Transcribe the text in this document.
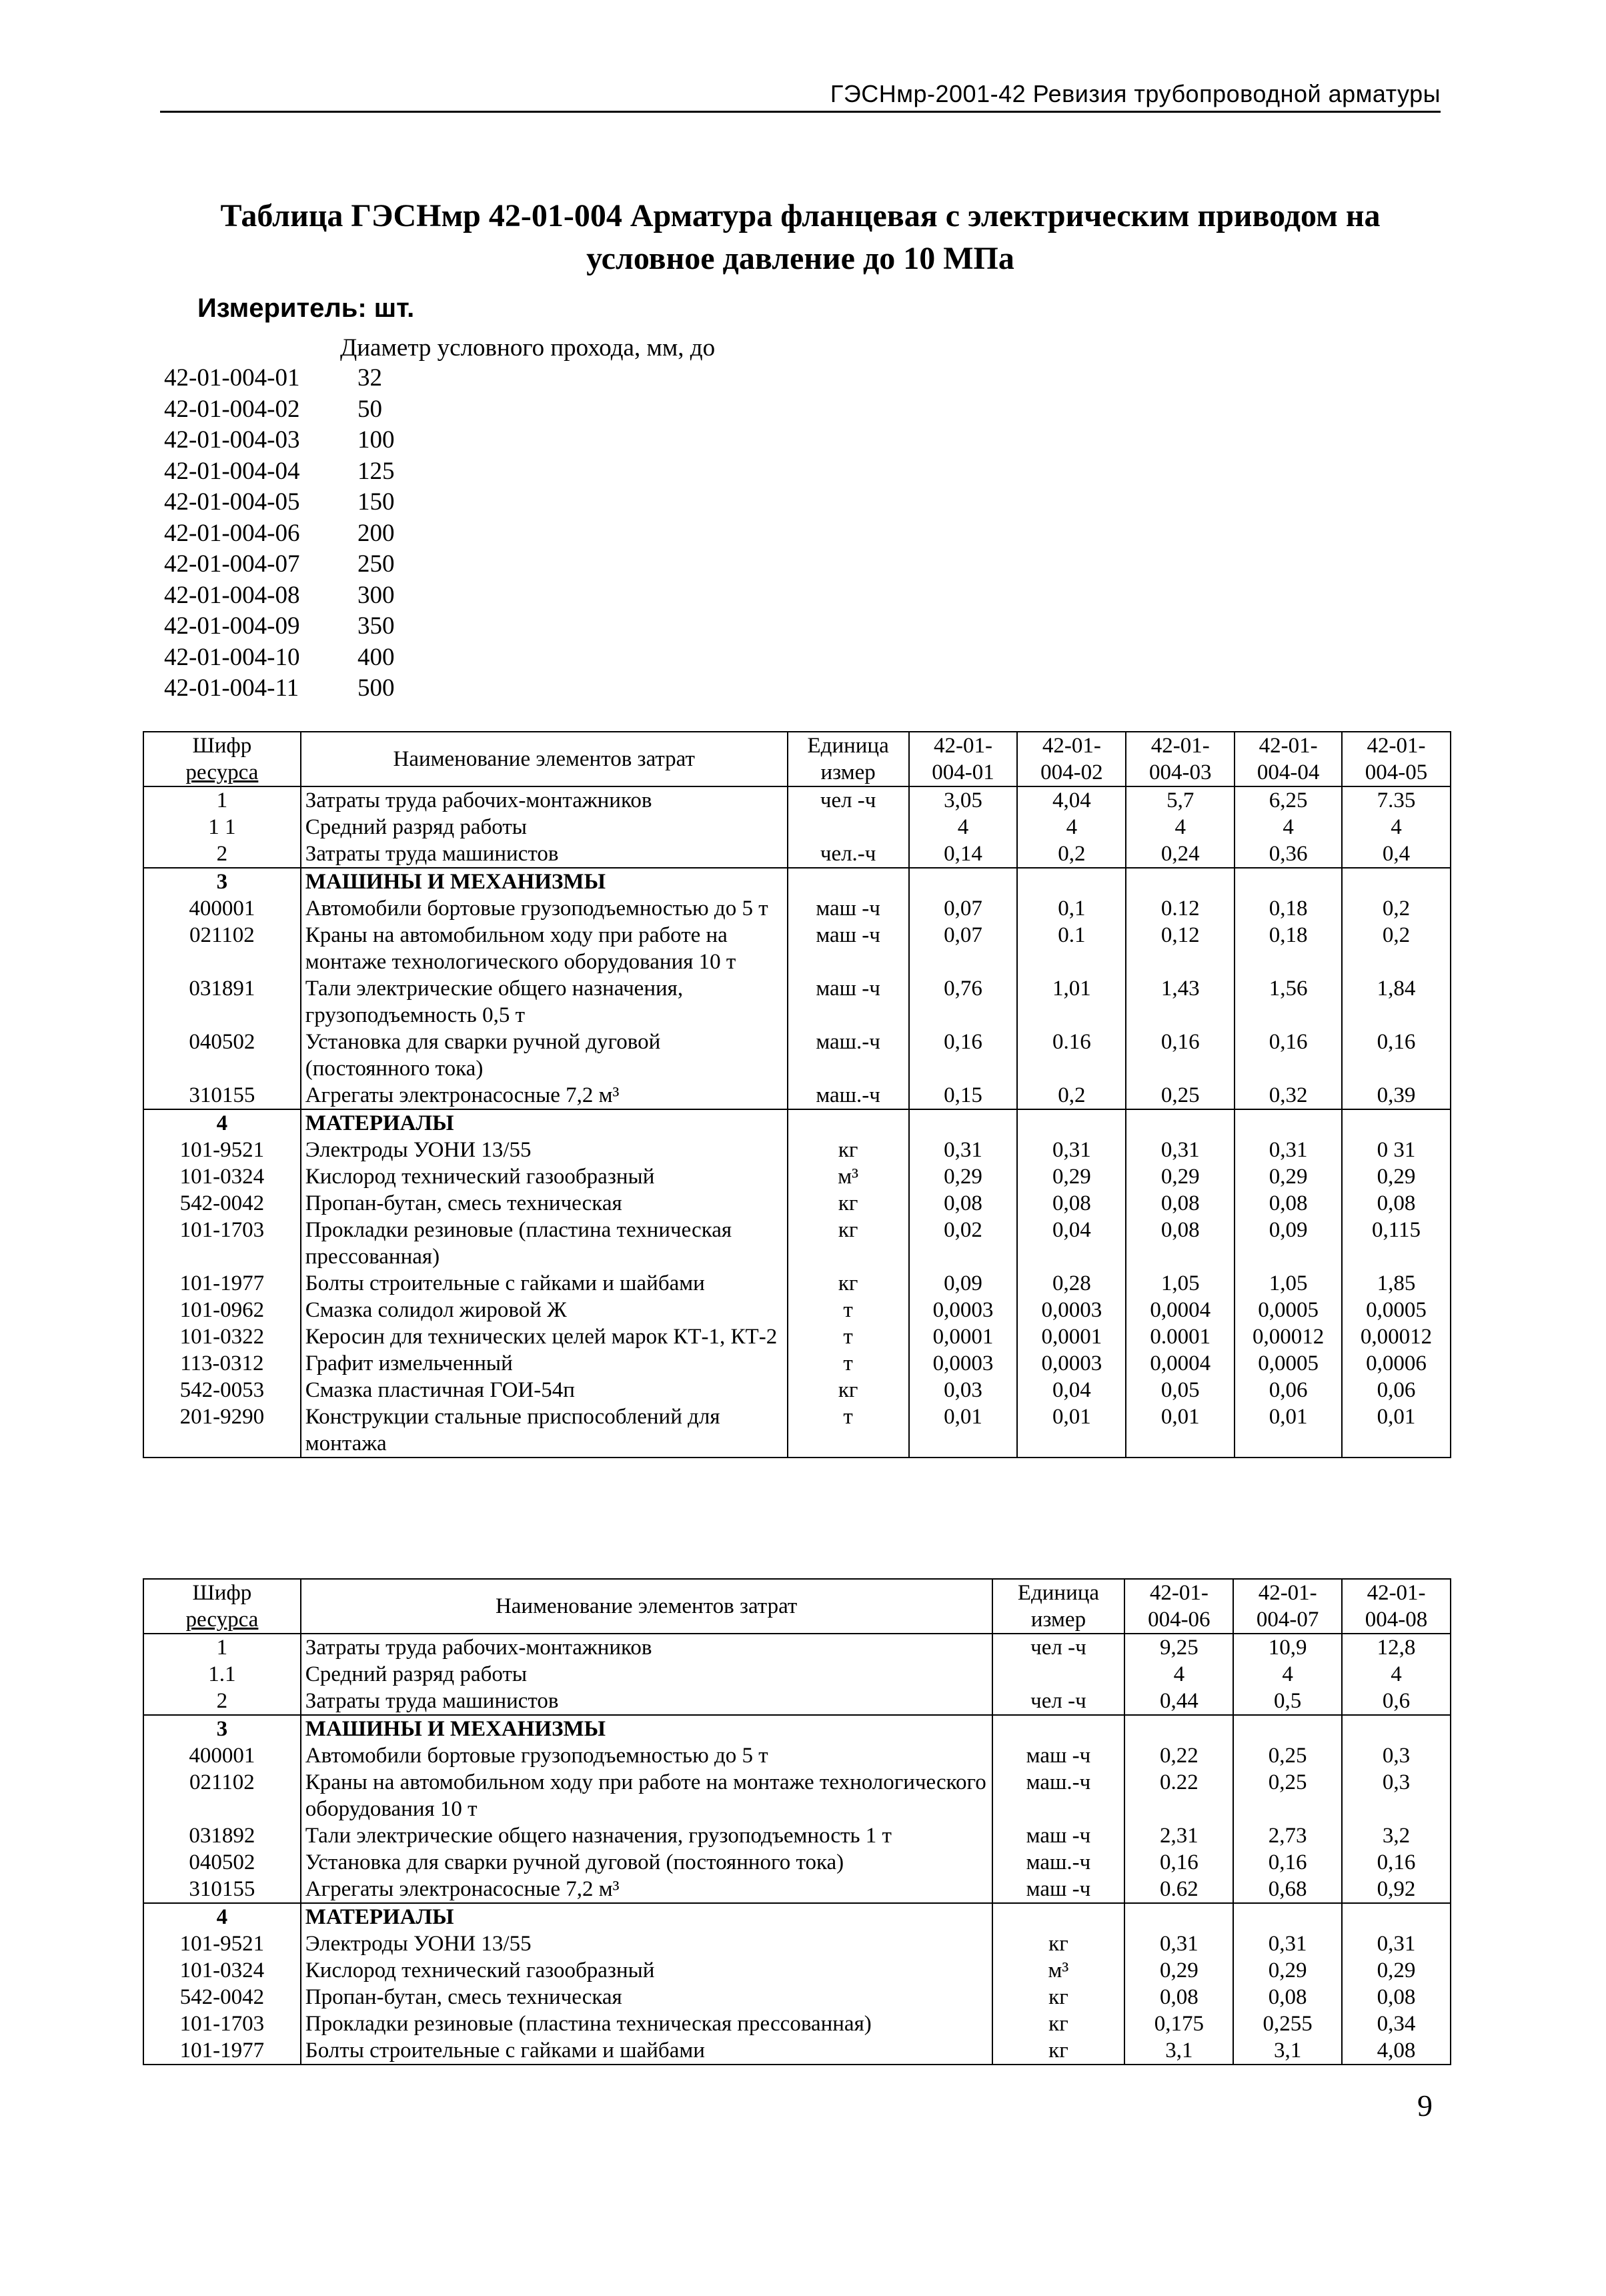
ГЭСНмр-2001-42 Ревизия трубопроводной арматуры
Таблица ГЭСНмр 42-01-004 Арматура фланцевая с электрическим приводом на
условное давление до 10 МПа
Измеритель: шт.
Диаметр условного прохода, мм, до
42-01-004-01 32
42-01-004-02 50
42-01-004-03 100
42-01-004-04 125
42-01-004-05 150
42-01-004-06 200
42-01-004-07 250
42-01-004-08 300
42-01-004-09 350
42-01-004-10 400
42-01-004-11 500
Шифр	Наименование элементов затрат	Единица	42-01-	42-01-	42-01-	42-01-	42-01-
ресурса		измер	004-01	004-02	004-03	004-04	004-05
1	Затраты труда рабочих-монтажников	чел -ч	3,05	4,04	5,7	6,25	7.35
1 1	Средний разряд работы		4	4	4	4	4
2	Затраты труда машинистов	чел.-ч	0,14	0,2	0,24	0,36	0,4
3	МАШИНЫ И МЕХАНИЗМЫ						
400001	Автомобили бортовые грузоподъемностью до 5 т	маш -ч	0,07	0,1	0.12	0,18	0,2
021102	Краны на автомобильном ходу при работе на монтаже технологического оборудования 10 т	маш -ч	0,07	0.1	0,12	0,18	0,2
031891	Тали электрические общего назначения, грузоподъемность 0,5 т	маш -ч	0,76	1,01	1,43	1,56	1,84
040502	Установка для сварки ручной дуговой (постоянного тока)	маш.-ч	0,16	0.16	0,16	0,16	0,16
310155	Агрегаты электронасосные 7,2 м³	маш.-ч	0,15	0,2	0,25	0,32	0,39
4	МАТЕРИАЛЫ						
101-9521	Электроды УОНИ 13/55	кг	0,31	0,31	0,31	0,31	0 31
101-0324	Кислород технический газообразный	м³	0,29	0,29	0,29	0,29	0,29
542-0042	Пропан-бутан, смесь техническая	кг	0,08	0,08	0,08	0,08	0,08
101-1703	Прокладки резиновые (пластина техническая прессованная)	кг	0,02	0,04	0,08	0,09	0,115
101-1977	Болты строительные с гайками и шайбами	кг	0,09	0,28	1,05	1,05	1,85
101-0962	Смазка солидол жировой Ж	т	0,0003	0,0003	0,0004	0,0005	0,0005
101-0322	Керосин для технических целей марок КТ-1, КТ-2	т	0,0001	0,0001	0.0001	0,00012	0,00012
113-0312	Графит измельченный	т	0,0003	0,0003	0,0004	0,0005	0,0006
542-0053	Смазка пластичная ГОИ-54п	кг	0,03	0,04	0,05	0,06	0,06
201-9290	Конструкции стальные приспособлений для монтажа	т	0,01	0,01	0,01	0,01	0,01
Шифр	Наименование элементов затрат	Единица	42-01-	42-01-	42-01-
ресурса		измер	004-06	004-07	004-08
1	Затраты труда рабочих-монтажников	чел -ч	9,25	10,9	12,8
1.1	Средний разряд работы		4	4	4
2	Затраты труда машинистов	чел -ч	0,44	0,5	0,6
3	МАШИНЫ И МЕХАНИЗМЫ				
400001	Автомобили бортовые грузоподъемностью до 5 т	маш -ч	0,22	0,25	0,3
021102	Краны на автомобильном ходу при работе на монтаже технологического оборудования 10 т	маш.-ч	0.22	0,25	0,3
031892	Тали электрические общего назначения, грузоподъемность 1 т	маш -ч	2,31	2,73	3,2
040502	Установка для сварки ручной дуговой (постоянного тока)	маш.-ч	0,16	0,16	0,16
310155	Агрегаты электронасосные 7,2 м³	маш -ч	0.62	0,68	0,92
4	МАТЕРИАЛЫ				
101-9521	Электроды УОНИ 13/55	кг	0,31	0,31	0,31
101-0324	Кислород технический газообразный	м³	0,29	0,29	0,29
542-0042	Пропан-бутан, смесь техническая	кг	0,08	0,08	0,08
101-1703	Прокладки резиновые (пластина техническая прессованная)	кг	0,175	0,255	0,34
101-1977	Болты строительные с гайками и шайбами	кг	3,1	3,1	4,08
9
